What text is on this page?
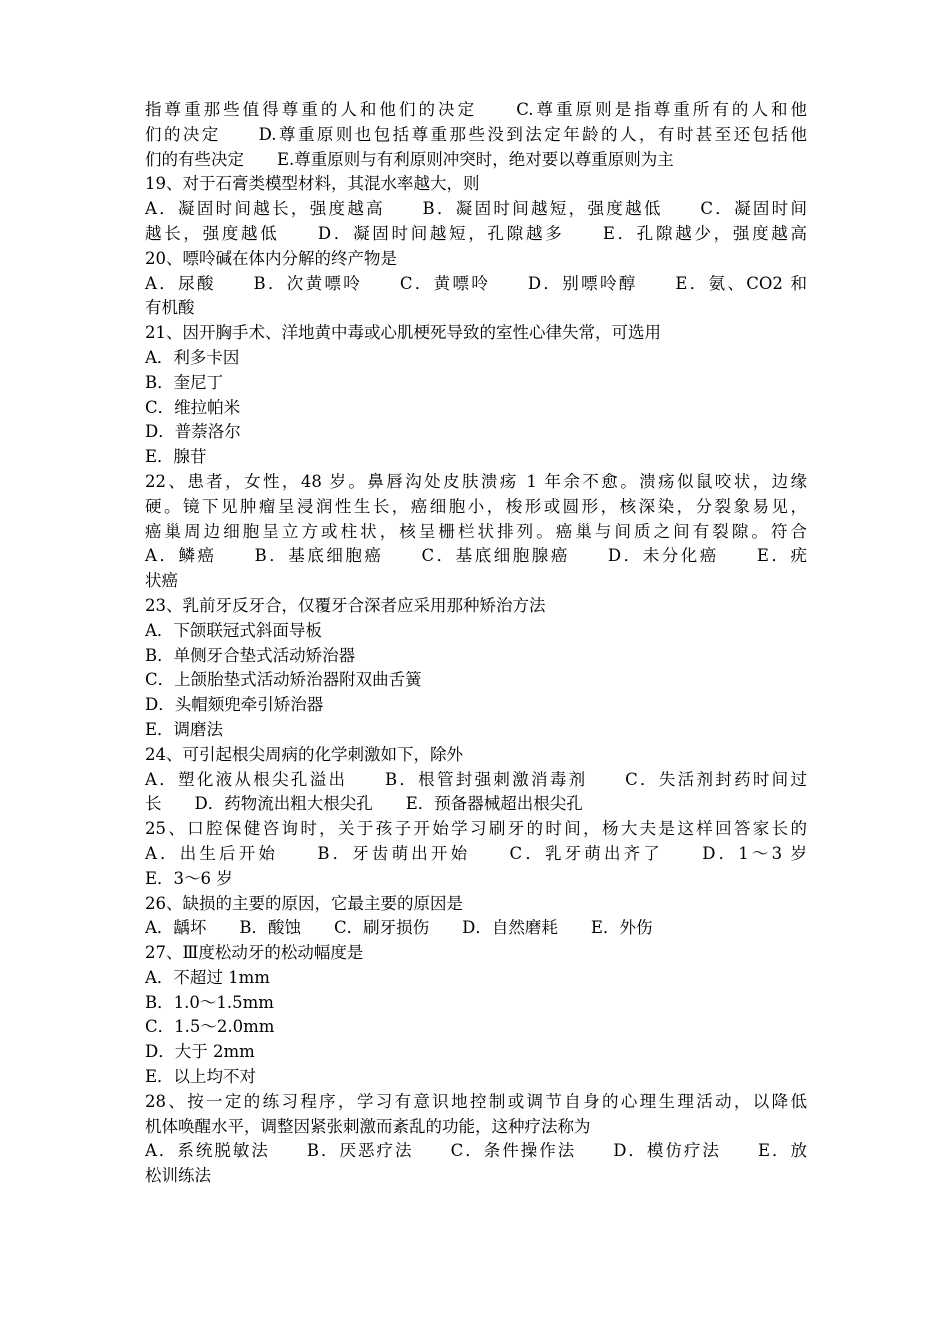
指尊重那些值得尊重的人和他们的决定　　C.尊重原则是指尊重所有的人和他
们的决定　　D.尊重原则也包括尊重那些没到法定年龄的人，有时甚至还包括他
们的有些决定　　E.尊重原则与有利原则冲突时，绝对要以尊重原则为主
19、对于石膏类模型材料，其混水率越大，则
A．凝固时间越长，强度越高　　B．凝固时间越短，强度越低　　C．凝固时间
越长，强度越低　　D．凝固时间越短，孔隙越多　　E．孔隙越少，强度越高
20、嘌呤碱在体内分解的终产物是
A．尿酸　　B．次黄嘌呤　　C．黄嘌呤　　D．别嘌呤醇　　E．氨、CO2 和
有机酸
21、因开胸手术、洋地黄中毒或心肌梗死导致的室性心律失常，可选用
A．利多卡因
B．奎尼丁
C．维拉帕米
D．普萘洛尔
E．腺苷
22、患者，女性，48 岁。鼻唇沟处皮肤溃疡 1 年余不愈。溃疡似鼠咬状，边缘
硬。镜下见肿瘤呈浸润性生长，癌细胞小，梭形或圆形，核深染，分裂象易见，
癌巢周边细胞呈立方或柱状，核呈栅栏状排列。癌巢与间质之间有裂隙。符合
A．鳞癌　　B．基底细胞癌　　C．基底细胞腺癌　　D．未分化癌　　E．疣
状癌
23、乳前牙反牙合，仅覆牙合深者应采用那种矫治方法
A．下颌联冠式斜面导板
B．单侧牙合垫式活动矫治器
C．上颌胎垫式活动矫治器附双曲舌簧
D．头帽颏兜牵引矫治器
E．调磨法
24、可引起根尖周病的化学刺激如下，除外
A．塑化液从根尖孔溢出　　B．根管封强刺激消毒剂　　C．失活剂封药时间过
长　　D．药物流出粗大根尖孔　　E．预备器械超出根尖孔
25、口腔保健咨询时，关于孩子开始学习刷牙的时间，杨大夫是这样回答家长的
A．出生后开始　　B．牙齿萌出开始　　C．乳牙萌出齐了　　D．1～3 岁
E．3～6 岁
26、缺损的主要的原因，它最主要的原因是
A．龋坏　　B．酸蚀　　C．刷牙损伤　　D．自然磨耗　　E．外伤
27、Ⅲ度松动牙的松动幅度是
A．不超过 1mm
B．1.0～1.5mm
C．1.5～2.0mm
D．大于 2mm
E．以上均不对
28、按一定的练习程序，学习有意识地控制或调节自身的心理生理活动，以降低
机体唤醒水平，调整因紧张刺激而紊乱的功能，这种疗法称为
A．系统脱敏法　　B．厌恶疗法　　C．条件操作法　　D．模仿疗法　　E．放
松训练法
